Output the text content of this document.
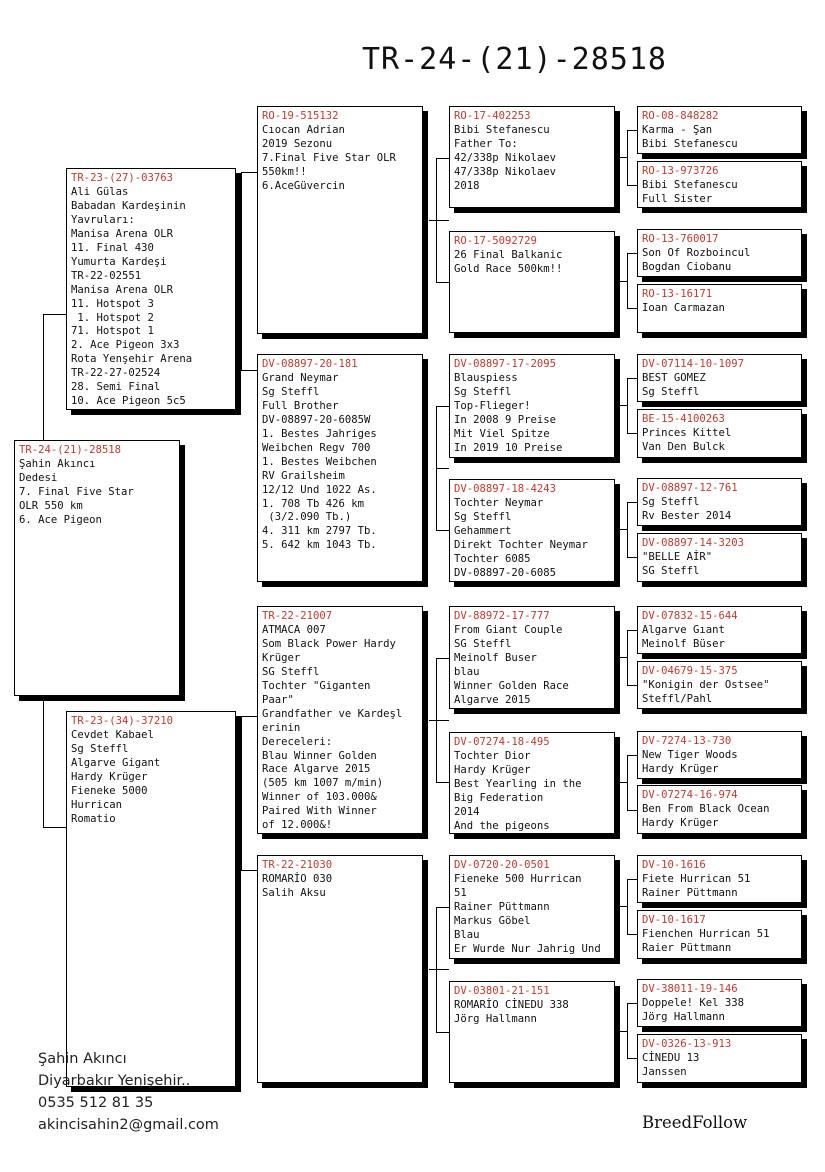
TR-24-(21)-28518
TR-24-(21)-28518
Şahin Akıncı
Dedesi
7. Final Five Star
OLR 550 km
6. Ace Pigeon
TR-23-(27)-03763
Ali Gülas
Babadan Kardeşinin
Yavruları:
Manisa Arena OLR
11. Final 430
Yumurta Kardeşi
TR-22-02551
Manisa Arena OLR
11. Hotspot 3
1. Hotspot 2
71. Hotspot 1
2. Ace Pigeon 3x3
Rota Yenşehir Arena
TR-22-27-02524
28. Semi Final
10. Ace Pigeon 5c5
TR-23-(34)-37210
Cevdet Kabael
Sg Steffl
Algarve Gigant
Hardy Krüger
Fieneke 5000
Hurrican
Romatio
RO-19-515132
Cıocan Adrian
2019 Sezonu
7.Final Five Star OLR
550km!!
6.AceGüvercin
DV-08897-20-181
Grand Neymar
Sg Steffl
Full Brother
DV-08897-20-6085W
1. Bestes Jahriges
Weibchen Regv 700
1. Bestes Weibchen
RV Grailsheim
12/12 Und 1022 As.
1. 708 Tb 426 km
(3/2.090 Tb.)
4. 311 km 2797 Tb.
5. 642 km 1043 Tb.
TR-22-21007
ATMACA 007
Som Black Power Hardy
Krüger
SG Steffl
Tochter "Giganten
Paar"
Grandfather ve Kardeşl
erinin
Dereceleri:
Blau Winner Golden
Race Algarve 2015
(505 km 1007 m/min)
Winner of 103.000&
Paired With Winner
of 12.000&!
TR-22-21030
ROMARİO 030
Salih Aksu
RO-17-402253
Bibi Stefanescu
Father To:
42/338p Nikolaev
47/338p Nikolaev
2018
RO-17-5092729
26 Final Balkanic
Gold Race 500km!!
DV-08897-17-2095
Blauspiess
Sg Steffl
Top-Flieger!
In 2008 9 Preise
Mit Viel Spitze
In 2019 10 Preise
DV-08897-18-4243
Tochter Neymar
Sg Steffl
Gehammert
Direkt Tochter Neymar
Tochter 6085
DV-08897-20-6085
DV-88972-17-777
From Giant Couple
SG Steffl
Meinolf Buser
blau
Winner Golden Race
Algarve 2015
DV-07274-18-495
Tochter Dior
Hardy Krüger
Best Yearling in the
Big Federation
2014
And the pigeons
DV-0720-20-0501
Fieneke 500 Hurrican
51
Rainer Püttmann
Markus Göbel
Blau
Er Wurde Nur Jahrig Und
DV-03801-21-151
ROMARİO CİNEDU 338
Jörg Hallmann
RO-08-848282
Karma - Şan
Bibi Stefanescu
RO-13-973726
Bibi Stefanescu
Full Sister
RO-13-760017
Son Of Rozboincul
Bogdan Ciobanu
RO-13-16171
Ioan Carmazan
DV-07114-10-1097
BEST GOMEZ
Sg Steffl
BE-15-4100263
Princes Kittel
Van Den Bulck
DV-08897-12-761
Sg Steffl
Rv Bester 2014
DV-08897-14-3203
"BELLE AİR"
SG Steffl
DV-07832-15-644
Algarve Gıant
Meinolf Büser
DV-04679-15-375
"Konigin der Ostsee"
Steffl/Pahl
DV-7274-13-730
New Tiger Woods
Hardy Krüger
DV-07274-16-974
Ben From Black Ocean
Hardy Krüger
DV-10-1616
Fiete Hurrican 51
Rainer Püttmann
DV-10-1617
Fienchen Hurrican 51
Raier Püttmann
DV-38011-19-146
Doppele! Kel 338
Jörg Hallmann
DV-0326-13-913
CİNEDU 13
Janssen
Şahin Akıncı
Diyarbakır Yenişehir..
0535 512 81 35
akincisahin2@gmail.com	BreedFollow
